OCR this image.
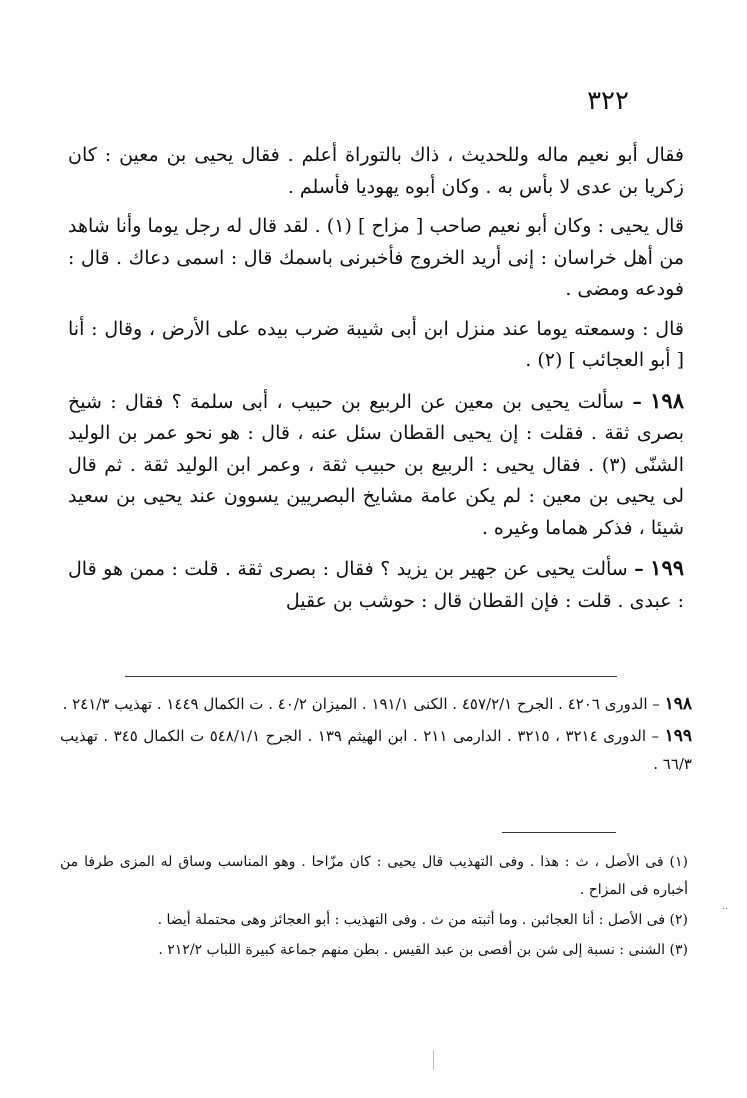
٣٢٢

فقال أبو نعيم ماله وللحديث ، ذاك بالتوراة أعلم . فقال يحيى بن معين : كان زكريا بن عدى لا بأس به . وكان أبوه يهوديا فأسلم .

قال يحيى : وكان أبو نعيم صاحب [ مزاح ] (١) . لقد قال له رجل يوما وأنا شاهد من أهل خراسان : إنى أريد الخروج فأخبرنى باسمك قال : اسمى دعاك . قال : فودعه ومضى .

قال : وسمعته يوما عند منزل ابن أبى شيبة ضرب بيده على الأرض ، وقال : أنا [ أبو العجائب ] (٢) .

١٩٨ – سألت يحيى بن معين عن الربيع بن حبيب ، أبى سلمة ؟ فقال : شيخ بصرى ثقة . فقلت : إن يحيى القطان سئل عنه ، قال : هو نحو عمر بن الوليد الشنّى (٣) . فقال يحيى : الربيع بن حبيب ثقة ، وعمر ابن الوليد ثقة . ثم قال لى يحيى بن معين : لم يكن عامة مشايخ البصريين يسوون عند يحيى بن سعيد شيئا ، فذكر هماما وغيره .

١٩٩ – سألت يحيى عن جهير بن يزيد ؟ فقال : بصرى ثقة . قلت : ممن هو قال : عبدى . قلت : فإن القطان قال : حوشب بن عقيل

١٩٨ – الدورى ٤٢٠٦ . الجرح ٤٥٧/٢/١ . الكنى ١٩١/١ . الميزان ٤٠/٢ . ت الكمال ١٤٤٩ . تهذيب ٢٤١/٣ .

١٩٩ – الدورى ٣٢١٤ ، ٣٢١٥ . الدارمى ٢١١ . ابن الهيثم ١٣٩ . الجرح ٥٤٨/١/١ ت الكمال ٣٤٥ . تهذيب ٦٦/٣ .

(١) فى الأصل ، ث : هذا . وفى التهذيب قال يحيى : كان مزّاحا . وهو المناسب وساق له المزى طرفا من أخباره فى المزاح .

(٢) فى الأصل : أنا العجائبن . وما أثبته من ث . وفى التهذيب : أبو العجائز وهى محتملة أيضا .

(٣) الشنى : نسبة إلى شن بن أفصى بن عبد القيس . بطن منهم جماعة كبيرة اللباب ٢١٢/٢ .

··
